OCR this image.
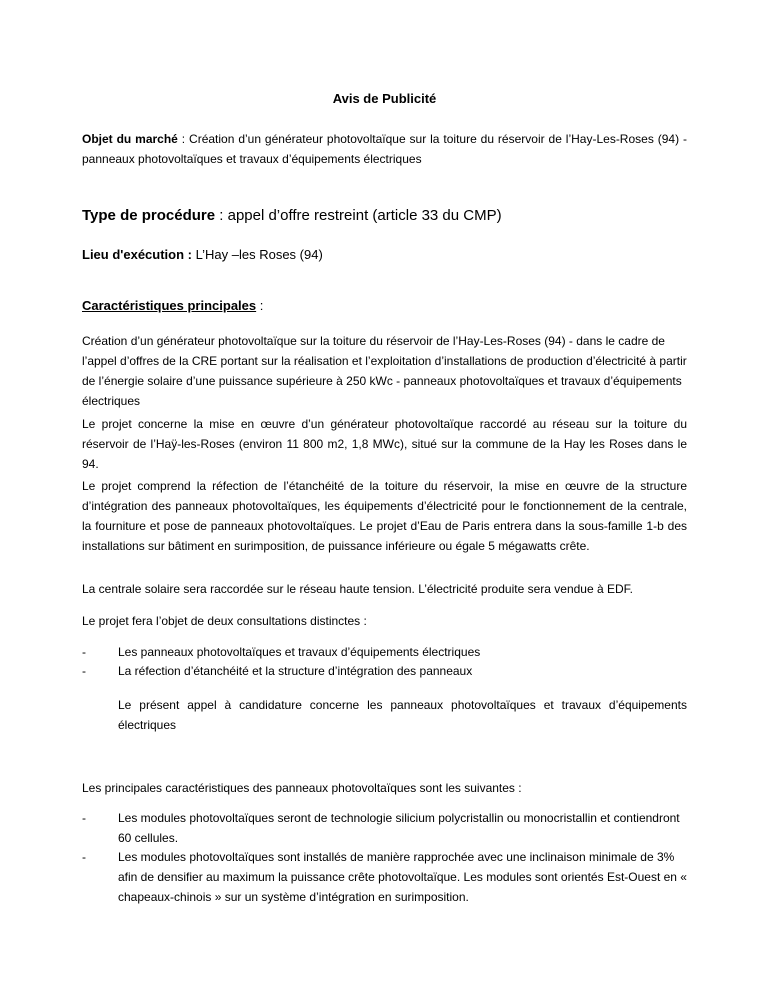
Avis de Publicité
Objet du marché : Création d’un générateur photovoltaïque sur la toiture du réservoir de l’Hay-Les-Roses (94) - panneaux photovoltaïques et travaux d’équipements électriques
Type de procédure : appel d’offre restreint (article 33 du CMP)
Lieu d'exécution : L’Hay –les Roses (94)
Caractéristiques principales :
Création d’un générateur photovoltaïque sur la toiture du réservoir de l’Hay-Les-Roses (94) - dans le cadre de l’appel d’offres de la CRE portant sur la réalisation et l’exploitation d’installations de production d’électricité à partir de l’énergie solaire d’une puissance supérieure à 250 kWc - panneaux photovoltaïques et travaux d’équipements électriques
Le projet concerne la mise en œuvre d’un générateur photovoltaïque raccordé au réseau sur la toiture du réservoir de l’Haÿ-les-Roses (environ 11 800 m2, 1,8 MWc), situé sur la commune de la Hay les Roses dans le 94.
Le projet comprend la réfection de l’étanchéité de la toiture du réservoir, la mise en œuvre de la structure d’intégration des panneaux photovoltaïques, les équipements d’électricité pour le fonctionnement de la centrale, la fourniture et pose de panneaux photovoltaïques. Le projet d’Eau de Paris entrera dans la sous-famille 1-b des installations sur bâtiment en surimposition, de puissance inférieure ou égale 5 mégawatts crête.
La centrale solaire sera raccordée sur le réseau haute tension. L’électricité produite sera vendue à EDF.
Le projet fera l’objet de deux consultations distinctes :
-	Les panneaux photovoltaïques et travaux d’équipements électriques
-	La réfection d’étanchéité et la structure d’intégration des panneaux
Le présent appel à candidature concerne les panneaux photovoltaïques et travaux d’équipements électriques
Les principales caractéristiques des panneaux photovoltaïques sont les suivantes :
-	Les modules photovoltaïques seront de technologie silicium polycristallin ou monocristallin et contiendront 60 cellules.
-	Les modules photovoltaïques sont installés de manière rapprochée avec une inclinaison minimale de 3% afin de densifier au maximum la puissance crête photovoltaïque. Les modules sont orientés Est-Ouest en « chapeaux-chinois » sur un système d’intégration en surimposition.
